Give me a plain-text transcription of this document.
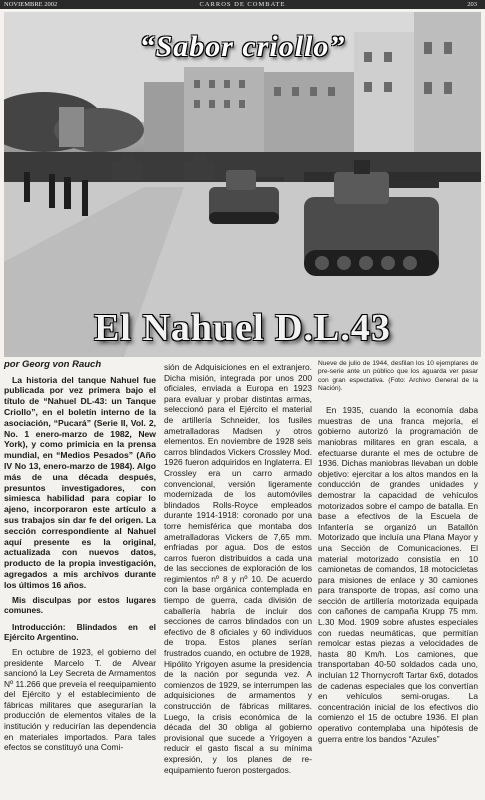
NOVIEMBRE 2002	CARROS DE COMBATE	203
“Sabor criollo”
El Nahuel D.L.43

por Georg von Rauch

La historia del tanque Nahuel fue publicada por vez primera bajo el título de “Nahuel DL-43: un Tanque Criollo”, en el boletín interno de la asociación, “Pucará” (Serie II, Vol. 2, No. 1 enero-marzo de 1982, New York), y como primicia en la prensa mundial, en “Medios Pesados” (Año IV No 13, enero-marzo de 1984). Algo más de una década después, presuntos investigadores, con simiesca habilidad para copiar lo ajeno, incorporaron este artículo a sus trabajos sin dar fe del origen. La sección correspondiente al Nahuel aquí presente es la original, actualizada con nuevos datos, producto de la propia investigación, agregados a mis archivos durante los últimos 16 años.

Mis disculpas por estos lugares comunes.

Introducción: Blindados en el Ejército Argentino.

En octubre de 1923, el gobierno del presidente Marcelo T. de Alvear sancionó la Ley Secreta de Armamentos Nº 11.266 que preveía el reequipamiento del Ejército y el establecimiento de fábricas militares que asegurarían la producción de elementos vitales de la institución y reducirían las dependencia en materiales importados. Para tales efectos se constituyó una Comi-

sión de Adquisiciones en el extranjero. Dicha misión, integrada por unos 200 oficiales, enviada a Europa en 1923 para evaluar y probar distintas armas, seleccionó para el Ejército el material de artillería Schneider, los fusiles ametralladoras Madsen y otros elementos. En noviembre de 1928 seis carros blindados Vickers Crossley Mod. 1926 fueron adquiridos en Inglaterra. El Crossley era un carro armado convencional, versión ligeramente modernizada de los automóviles blindados Rolls-Royce empleados durante 1914-1918: coronado por una torre hemisférica que montaba dos ametralladoras Vickers de 7,65 mm. enfriadas por agua. Dos de estos carros fueron distribuidos a cada una de las secciones de exploración de los regimientos nº 8 y nº 10. De acuerdo con la base orgánica contemplada en tiempo de guerra, cada división de caballería habría de incluir dos secciones de carros blindados con un efectivo de 8 oficiales y 60 individuos de tropa. Estos planes serían frustrados cuando, en octubre de 1928, Hipólito Yrigoyen asume la presidencia de la nación por segunda vez. A comienzos de 1929, se interrumpen las adquisiciones de armamentos y construcción de fábricas militares. Luego, la crisis económica de la década del 30 obliga al gobierno provisional que sucede a Yrigoyen a reducir el gasto fiscal a su mínima expresión, y los planes de re-equipamiento fueron postergados.

Nueve de julio de 1944, desfilan los 10 ejemplares de pre-serie ante un público que los aguarda ver pasar con gran espectativa. (Foto: Archivo General de la Nación).

En 1935, cuando la economía daba muestras de una franca mejoría, el gobierno autorizó la programación de maniobras militares en gran escala, a efectuarse durante el mes de octubre de 1936. Dichas maniobras llevaban un doble objetivo: ejercitar a los altos mandos en la conducción de grandes unidades y demostrar la capacidad de vehículos motorizados sobre el campo de batalla. En base a efectivos de la Escuela de Infantería se organizó un Batallón Motorizado que incluía una Plana Mayor y una Sección de Comunicaciones. El material motorizado consistía en 10 camionetas de comandos, 18 motocicletas para misiones de enlace y 30 camiones para transporte de tropas, así como una sección de artillería motorizada equipada con cañones de campaña Krupp 75 mm. L.30 Mod. 1909 sobre afustes especiales con ruedas neumáticas, que permitían remolcar estas piezas a velocidades de hasta 80 Km/h. Los camiones, que transportaban 40-50 soldados cada uno, incluían 12 Thornycroft Tartar 6x6, dotados de cadenas especiales que los convertían en vehículos semi-orugas. La concentración inicial de los efectivos dio comienzo el 15 de octubre 1936. El plan operativo contemplaba una hipótesis de guerra entre los bandos “Azules”
